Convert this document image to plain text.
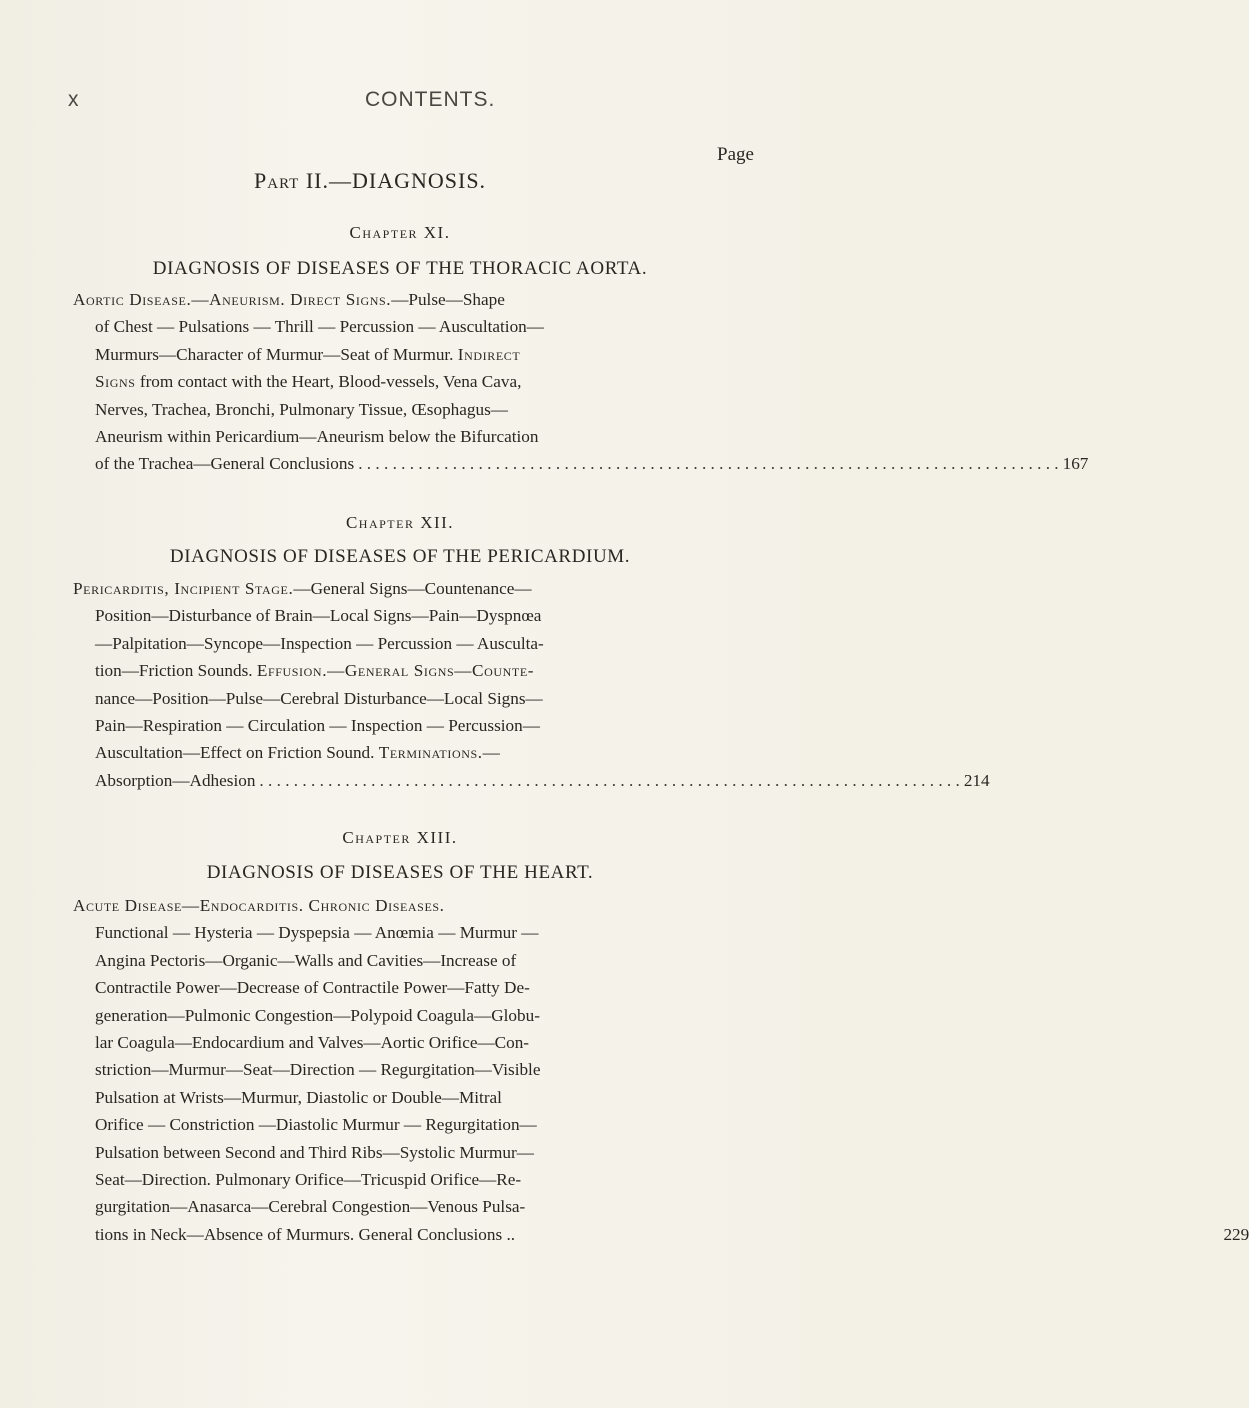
x	CONTENTS.
Page
Part II.—DIAGNOSIS.
Chapter XI.
DIAGNOSIS OF DISEASES OF THE THORACIC AORTA.
Aortic Disease.—Aneurism. Direct Signs.—Pulse—Shape
of Chest — Pulsations — Thrill — Percussion — Auscultation—
Murmurs—Character of Murmur—Seat of Murmur. Indirect
Signs from contact with the Heart, Blood-vessels, Vena Cava,
Nerves, Trachea, Bronchi, Pulmonary Tissue, Œsophagus—
Aneurism within Pericardium—Aneurism below the Bifurcation
of the Trachea—General Conclusions . . .	167
Chapter XII.
DIAGNOSIS OF DISEASES OF THE PERICARDIUM.
Pericarditis, Incipient Stage.—General Signs—Countenance—
Position—Disturbance of Brain—Local Signs—Pain—Dyspnœa
—Palpitation—Syncope—Inspection — Percussion — Ausculta-
tion—Friction Sounds. Effusion.—General Signs—Counte-
nance—Position—Pulse—Cerebral Disturbance—Local Signs—
Pain—Respiration — Circulation — Inspection — Percussion—
Auscultation—Effect on Friction Sound. Terminations.—
Absorption—Adhesion . . .	214
Chapter XIII.
DIAGNOSIS OF DISEASES OF THE HEART.
Acute Disease—Endocarditis. Chronic Diseases.
Functional — Hysteria — Dyspepsia — Anœmia — Murmur —
Angina Pectoris—Organic—Walls and Cavities—Increase of
Contractile Power—Decrease of Contractile Power—Fatty De-
generation—Pulmonic Congestion—Polypoid Coagula—Globu-
lar Coagula—Endocardium and Valves—Aortic Orifice—Con-
striction—Murmur—Seat—Direction — Regurgitation—Visible
Pulsation at Wrists—Murmur, Diastolic or Double—Mitral
Orifice — Constriction —Diastolic Murmur — Regurgitation—
Pulsation between Second and Third Ribs—Systolic Murmur—
Seat—Direction. Pulmonary Orifice—Tricuspid Orifice—Re-
gurgitation—Anasarca—Cerebral Congestion—Venous Pulsa-
tions in Neck—Absence of Murmurs. General Conclusions ..	229
